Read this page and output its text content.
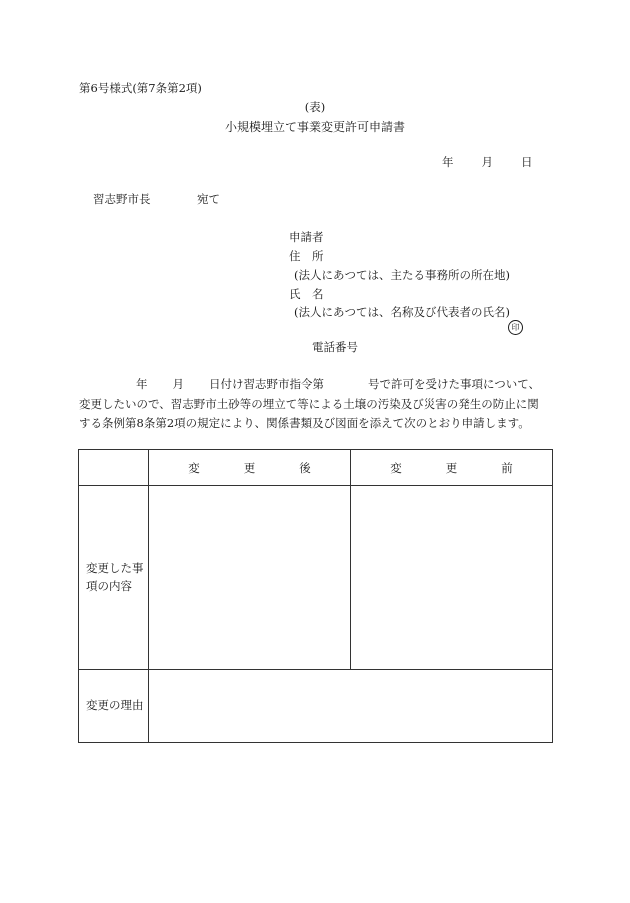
第6号様式(第7条第2項)
(表)
小規模埋立て事業変更許可申請書
年 月 日
習志野市長	宛て
申請者
住　所
(法人にあつては、主たる事務所の所在地)
氏　名
(法人にあつては、名称及び代表者の氏名)
印
電話番号
年 月 日付け習志野市指令第	号で許可を受けた事項について、
変更したいので、習志野市土砂等の埋立て等による土壌の汚染及び災害の発生の防止に関
する条例第8条第2項の規定により、関係書類及び図面を添えて次のとおり申請します。
	変 更 後	変 更 前
変更した事
項の内容		
変更の理由		
